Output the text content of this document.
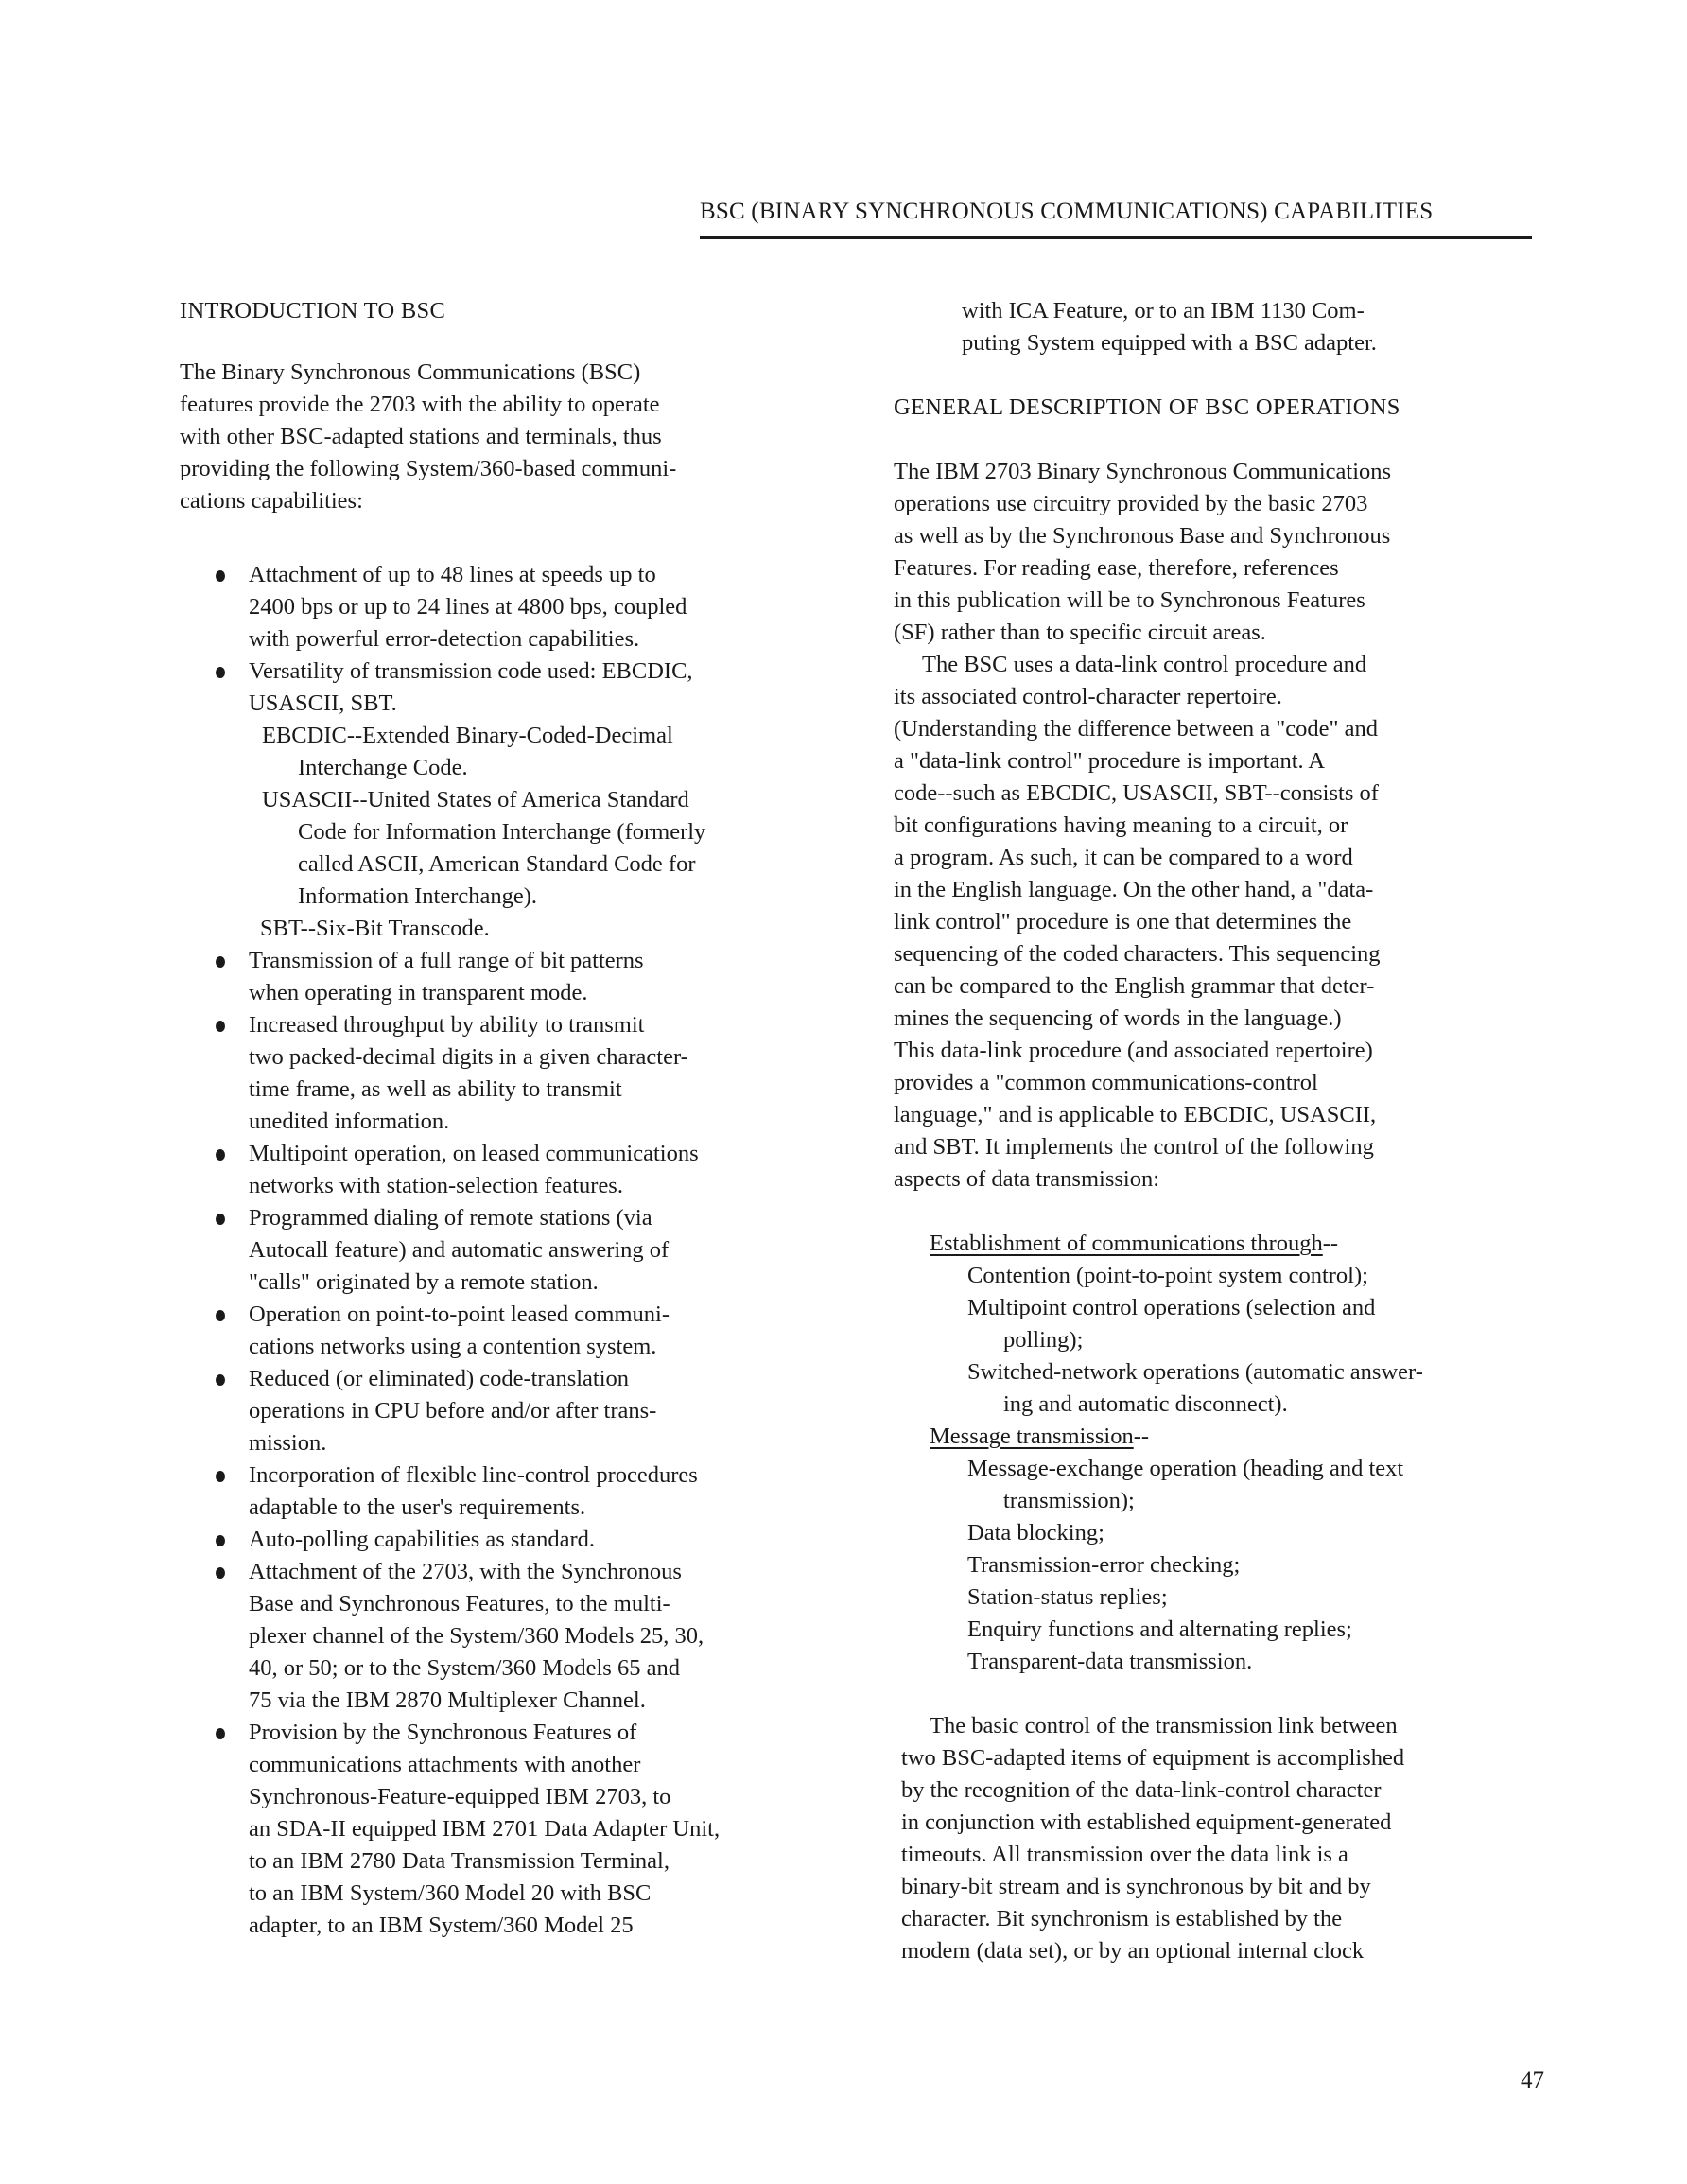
BSC (BINARY SYNCHRONOUS COMMUNICATIONS) CAPABILITIES
INTRODUCTION TO BSC
The Binary Synchronous Communications (BSC)
features provide the 2703 with the ability to operate
with other BSC-adapted stations and terminals, thus
providing the following System/360-based communi-
cations capabilities:
Attachment of up to 48 lines at speeds up to
2400 bps or up to 24 lines at 4800 bps, coupled
with powerful error-detection capabilities.
Versatility of transmission code used: EBCDIC,
USASCII, SBT.
EBCDIC--Extended Binary-Coded-Decimal
Interchange Code.
USASCII--United States of America Standard
Code for Information Interchange (formerly
called ASCII, American Standard Code for
Information Interchange).
SBT--Six-Bit Transcode.
Transmission of a full range of bit patterns
when operating in transparent mode.
Increased throughput by ability to transmit
two packed-decimal digits in a given character-
time frame, as well as ability to transmit
unedited information.
Multipoint operation, on leased communications
networks with station-selection features.
Programmed dialing of remote stations (via
Autocall feature) and automatic answering of
"calls" originated by a remote station.
Operation on point-to-point leased communi-
cations networks using a contention system.
Reduced (or eliminated) code-translation
operations in CPU before and/or after trans-
mission.
Incorporation of flexible line-control procedures
adaptable to the user's requirements.
Auto-polling capabilities as standard.
Attachment of the 2703, with the Synchronous
Base and Synchronous Features, to the multi-
plexer channel of the System/360 Models 25, 30,
40, or 50; or to the System/360 Models 65 and
75 via the IBM 2870 Multiplexer Channel.
Provision by the Synchronous Features of
communications attachments with another
Synchronous-Feature-equipped IBM 2703, to
an SDA-II equipped IBM 2701 Data Adapter Unit,
to an IBM 2780 Data Transmission Terminal,
to an IBM System/360 Model 20 with BSC
adapter, to an IBM System/360 Model 25
with ICA Feature, or to an IBM 1130 Com-
puting System equipped with a BSC adapter.
GENERAL DESCRIPTION OF BSC OPERATIONS
The IBM 2703 Binary Synchronous Communications
operations use circuitry provided by the basic 2703
as well as by the Synchronous Base and Synchronous
Features. For reading ease, therefore, references
in this publication will be to Synchronous Features
(SF) rather than to specific circuit areas.
The BSC uses a data-link control procedure and
its associated control-character repertoire.
(Understanding the difference between a "code" and
a "data-link control" procedure is important. A
code--such as EBCDIC, USASCII, SBT--consists of
bit configurations having meaning to a circuit, or
a program. As such, it can be compared to a word
in the English language. On the other hand, a "data-
link control" procedure is one that determines the
sequencing of the coded characters. This sequencing
can be compared to the English grammar that deter-
mines the sequencing of words in the language.)
This data-link procedure (and associated repertoire)
provides a "common communications-control
language," and is applicable to EBCDIC, USASCII,
and SBT. It implements the control of the following
aspects of data transmission:
Establishment of communications through--
Contention (point-to-point system control);
Multipoint control operations (selection and
polling);
Switched-network operations (automatic answer-
ing and automatic disconnect).
Message transmission--
Message-exchange operation (heading and text
transmission);
Data blocking;
Transmission-error checking;
Station-status replies;
Enquiry functions and alternating replies;
Transparent-data transmission.
The basic control of the transmission link between
two BSC-adapted items of equipment is accomplished
by the recognition of the data-link-control character
in conjunction with established equipment-generated
timeouts. All transmission over the data link is a
binary-bit stream and is synchronous by bit and by
character. Bit synchronism is established by the
modem (data set), or by an optional internal clock
47
